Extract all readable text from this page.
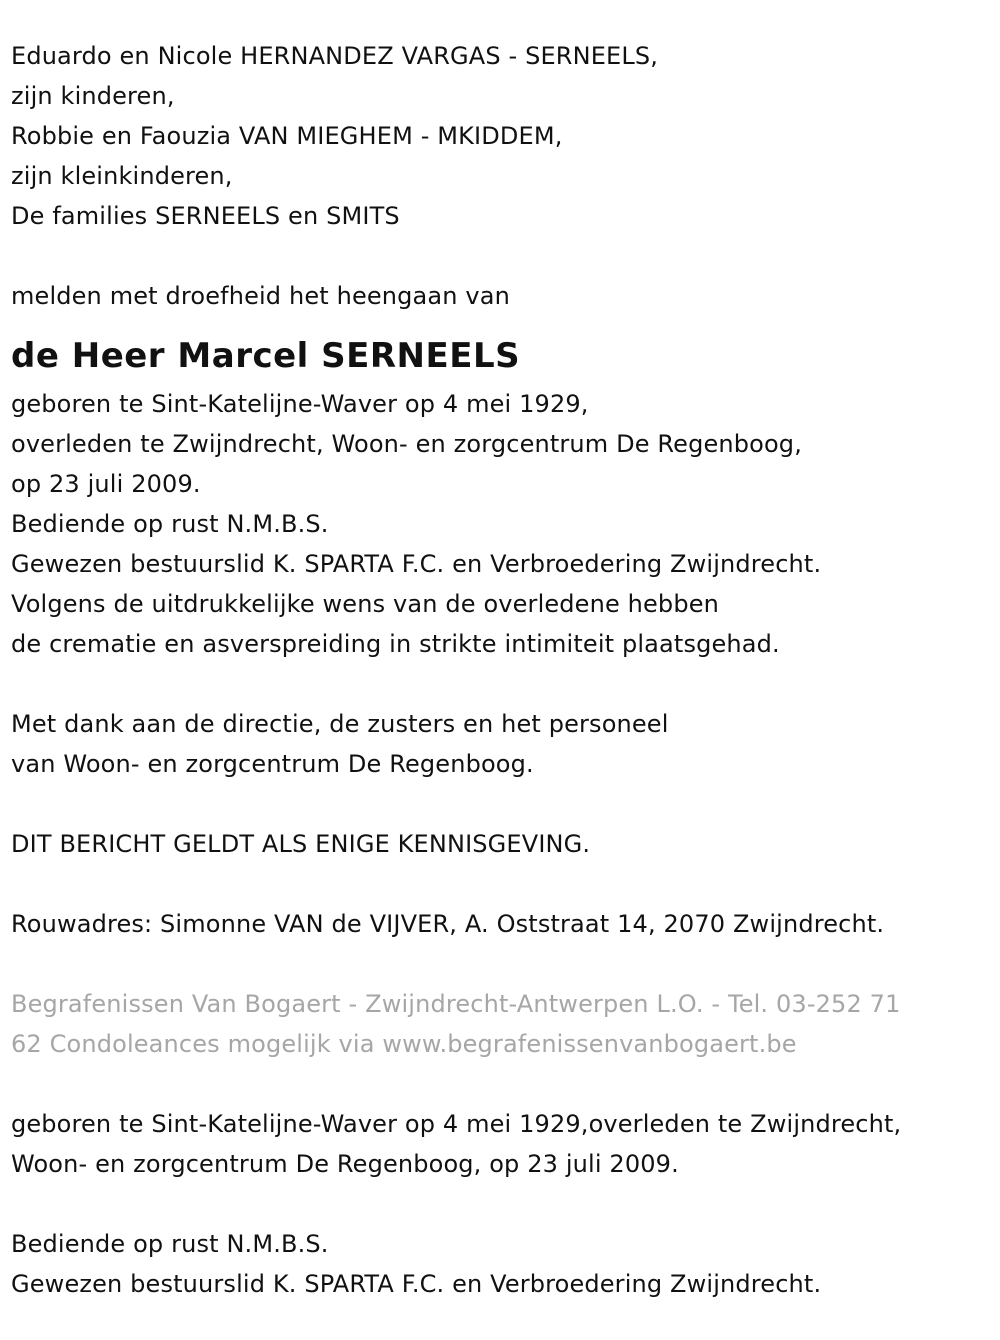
Eduardo en Nicole HERNANDEZ VARGAS - SERNEELS,
zijn kinderen,
Robbie en Faouzia VAN MIEGHEM - MKIDDEM,
zijn kleinkinderen,
De families SERNEELS en SMITS
melden met droefheid het heengaan van
de Heer Marcel SERNEELS
geboren te Sint-Katelijne-Waver op 4 mei 1929,
overleden te Zwijndrecht, Woon- en zorgcentrum De Regenboog,
op 23 juli 2009.
Bediende op rust N.M.B.S.
Gewezen bestuurslid K. SPARTA F.C. en Verbroedering Zwijndrecht.
Volgens de uitdrukkelijke wens van de overledene hebben
de crematie en asverspreiding in strikte intimiteit plaatsgehad.
Met dank aan de directie, de zusters en het personeel
van Woon- en zorgcentrum De Regenboog.
DIT BERICHT GELDT ALS ENIGE KENNISGEVING.
Rouwadres: Simonne VAN de VIJVER, A. Oststraat 14, 2070 Zwijndrecht.
Begrafenissen Van Bogaert - Zwijndrecht-Antwerpen L.O. - Tel. 03-252 71
62 Condoleances mogelijk via www.begrafenissenvanbogaert.be
geboren te Sint-Katelijne-Waver op 4 mei 1929,overleden te Zwijndrecht,
Woon- en zorgcentrum De Regenboog, op 23 juli 2009.
Bediende op rust N.M.B.S.
Gewezen bestuurslid K. SPARTA F.C. en Verbroedering Zwijndrecht.
